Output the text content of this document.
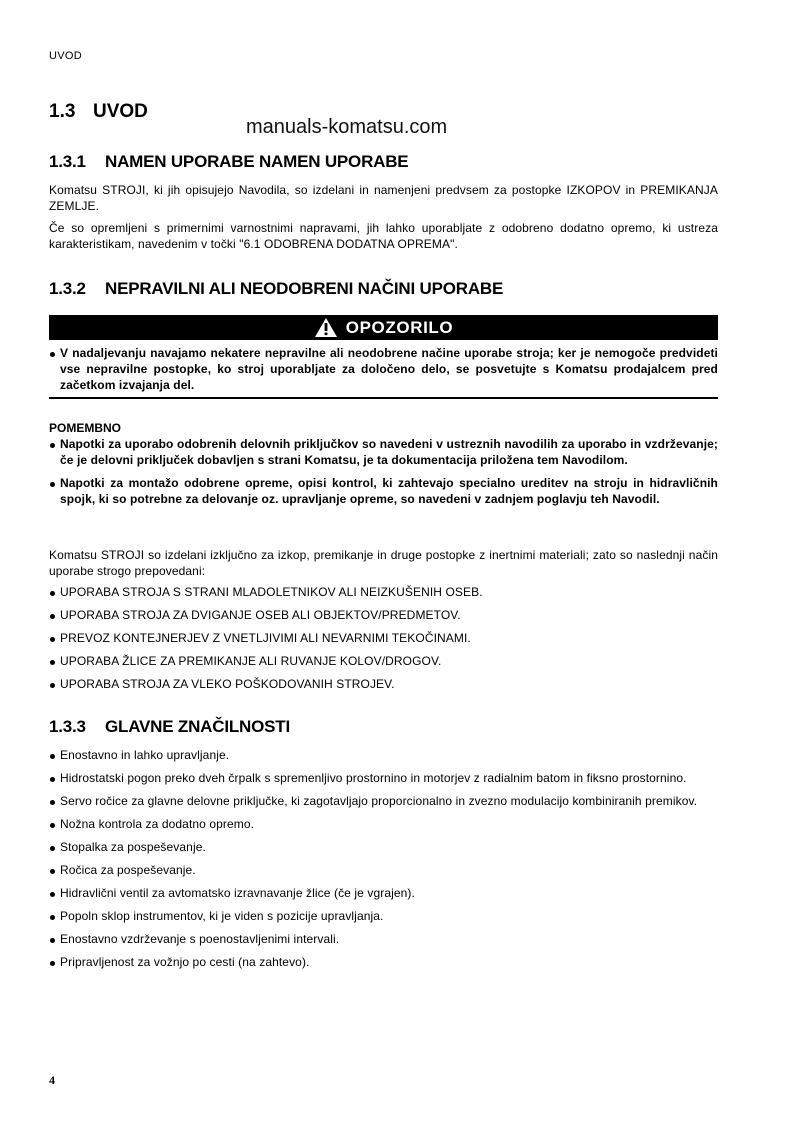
UVOD
1.3 UVOD
manuals-komatsu.com
1.3.1 NAMEN UPORABE NAMEN UPORABE
Komatsu STROJI, ki jih opisujejo Navodila, so izdelani in namenjeni predvsem za postopke IZKOPOV in PREMIKANJA ZEMLJE.
Če so opremljeni s primernimi varnostnimi napravami, jih lahko uporabljate z odobreno dodatno opremo, ki ustreza karakteristikam, navedenim v točki "6.1 ODOBRENA DODATNA OPREMA".
1.3.2 NEPRAVILNI ALI NEODOBRENI NAČINI UPORABE
OPOZORILO
V nadaljevanju navajamo nekatere nepravilne ali neodobrene načine uporabe stroja; ker je nemogoče predvideti vse nepravilne postopke, ko stroj uporabljate za določeno delo, se posvetujte s Komatsu prodajalcem pred začetkom izvajanja del.
POMEMBNO
Napotki za uporabo odobrenih delovnih priključkov so navedeni v ustreznih navodilih za uporabo in vzdrževanje; če je delovni priključek dobavljen s strani Komatsu, je ta dokumentacija priložena tem Navodilom.
Napotki za montažo odobrene opreme, opisi kontrol, ki zahtevajo specialno ureditev na stroju in hidravličnih spojk, ki so potrebne za delovanje oz. upravljanje opreme, so navedeni v zadnjem poglavju teh Navodil.
Komatsu STROJI so izdelani izključno za izkop, premikanje in druge postopke z inertnimi materiali; zato so naslednji način uporabe strogo prepovedani:
UPORABA STROJA S STRANI MLADOLETNIKOV ALI NEIZKUŠENIH OSEB.
UPORABA STROJA ZA DVIGANJE OSEB ALI OBJEKTOV/PREDMETOV.
PREVOZ KONTEJNERJEV Z VNETLJIVIMI ALI NEVARNIMI TEKOČINAMI.
UPORABA ŽLICE ZA PREMIKANJE ALI RUVANJE KOLOV/DROGOV.
UPORABA STROJA ZA VLEKO POŠKODOVANIH STROJEV.
1.3.3 GLAVNE ZNAČILNOSTI
Enostavno in lahko upravljanje.
Hidrostatski pogon preko dveh črpalk s spremenljivo prostornino in motorjev z radialnim batom in fiksno prostornino.
Servo ročice za glavne delovne priključke, ki zagotavljajo proporcionalno in zvezno modulacijo kombiniranih premikov.
Nožna kontrola za dodatno opremo.
Stopalka za pospeševanje.
Ročica za pospeševanje.
Hidravlični ventil za avtomatsko izravnavanje žlice (če je vgrajen).
Popoln sklop instrumentov, ki je viden s pozicije upravljanja.
Enostavno vzdrževanje s poenostavljenimi intervali.
Pripravljenost za vožnjo po cesti (na zahtevo).
4
